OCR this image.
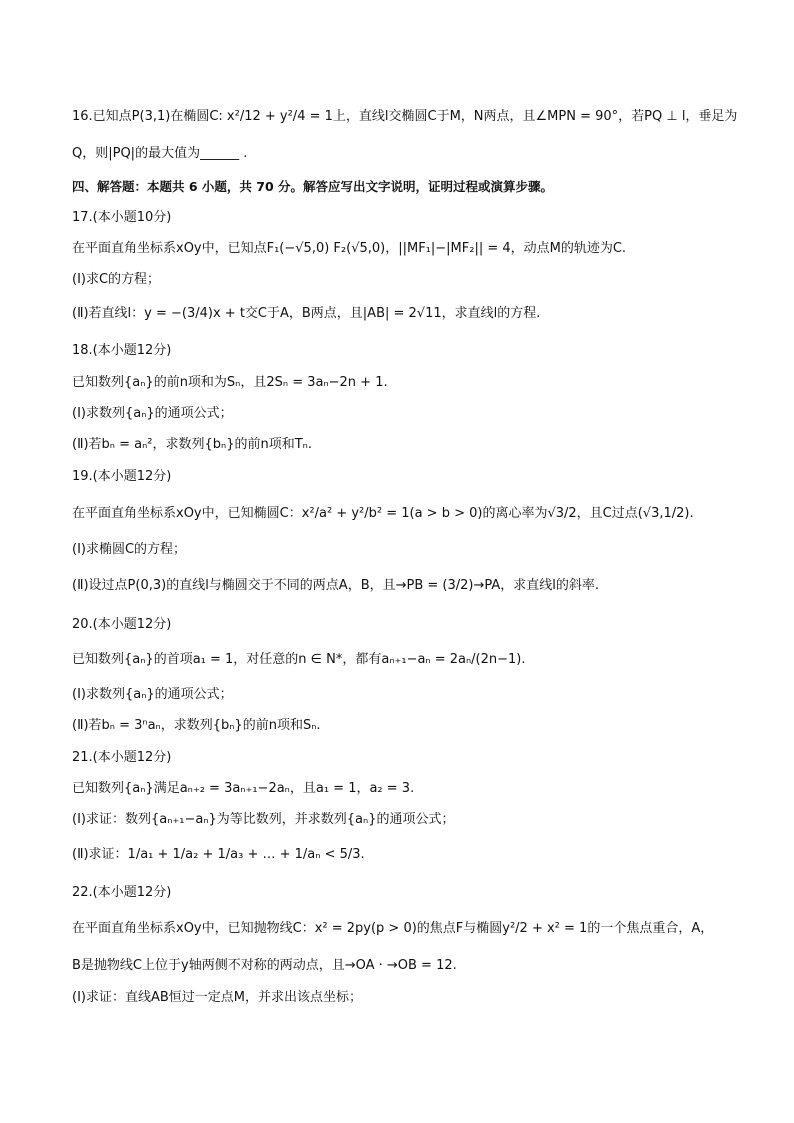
16.已知点P(3,1)在椭圆C: x²/12 + y²/4 = 1上，直线l交椭圆C于M，N两点，且∠MPN = 90°，若PQ ⊥ l，垂足为
Q，则|PQ|的最大值为______ .
四、解答题：本题共 6 小题，共 70 分。解答应写出文字说明，证明过程或演算步骤。
17.(本小题10分)
在平面直角坐标系xOy中，已知点F₁(−√5,0) F₂(√5,0)，||MF₁|−|MF₂|| = 4，动点M的轨迹为C.
(Ⅰ)求C的方程；
(Ⅱ)若直线l：y = −(3/4)x + t交C于A，B两点，且|AB| = 2√11，求直线l的方程.
18.(本小题12分)
已知数列{aₙ}的前n项和为Sₙ，且2Sₙ = 3aₙ−2n + 1.
(Ⅰ)求数列{aₙ}的通项公式；
(Ⅱ)若bₙ = aₙ²，求数列{bₙ}的前n项和Tₙ.
19.(本小题12分)
在平面直角坐标系xOy中，已知椭圆C：x²/a² + y²/b² = 1(a > b > 0)的离心率为√3/2，且C过点(√3,1/2).
(Ⅰ)求椭圆C的方程；
(Ⅱ)设过点P(0,3)的直线l与椭圆交于不同的两点A，B，且→PB = (3/2)→PA，求直线l的斜率.
20.(本小题12分)
已知数列{aₙ}的首项a₁ = 1，对任意的n ∈ N*，都有aₙ₊₁−aₙ = 2aₙ/(2n−1).
(Ⅰ)求数列{aₙ}的通项公式；
(Ⅱ)若bₙ = 3ⁿaₙ，求数列{bₙ}的前n项和Sₙ.
21.(本小题12分)
已知数列{aₙ}满足aₙ₊₂ = 3aₙ₊₁−2aₙ，且a₁ = 1，a₂ = 3.
(Ⅰ)求证：数列{aₙ₊₁−aₙ}为等比数列，并求数列{aₙ}的通项公式；
(Ⅱ)求证：1/a₁ + 1/a₂ + 1/a₃ + … + 1/aₙ < 5/3.
22.(本小题12分)
在平面直角坐标系xOy中，已知抛物线C：x² = 2py(p > 0)的焦点F与椭圆y²/2 + x² = 1的一个焦点重合，A，
B是抛物线C上位于y轴两侧不对称的两动点，且→OA · →OB = 12.
(Ⅰ)求证：直线AB恒过一定点M，并求出该点坐标；
